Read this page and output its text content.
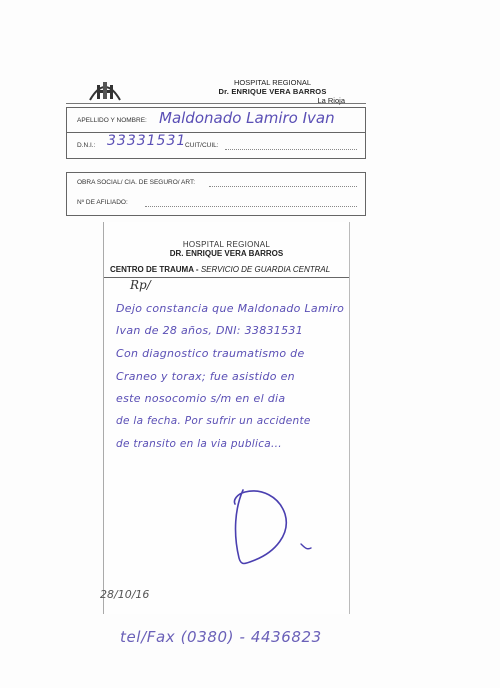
HOSPITAL REGIONAL
Dr. ENRIQUE VERA BARROS
La Rioja
APELLIDO Y NOMBRE: Maldonado Lamiro Ivan
D.N.I.: 33331531
CUIT/CUIL:
OBRA SOCIAL/ CIA. DE SEGURO/ ART:
Nº DE AFILIADO:
HOSPITAL REGIONAL
DR. ENRIQUE VERA BARROS
CENTRO DE TRAUMA - SERVICIO DE GUARDIA CENTRAL
Rp/
Dejo constancia que Maldonado Lamiro
Ivan de 28 años, DNI: 33831531
Con diagnostico traumatismo de
Craneo y torax; fue asistido en
este nosocomio s/m en el dia
de la fecha. Por sufrir un accidente
de transito en la via publica...
28/10/16
tel/Fax (0380) - 4436823
